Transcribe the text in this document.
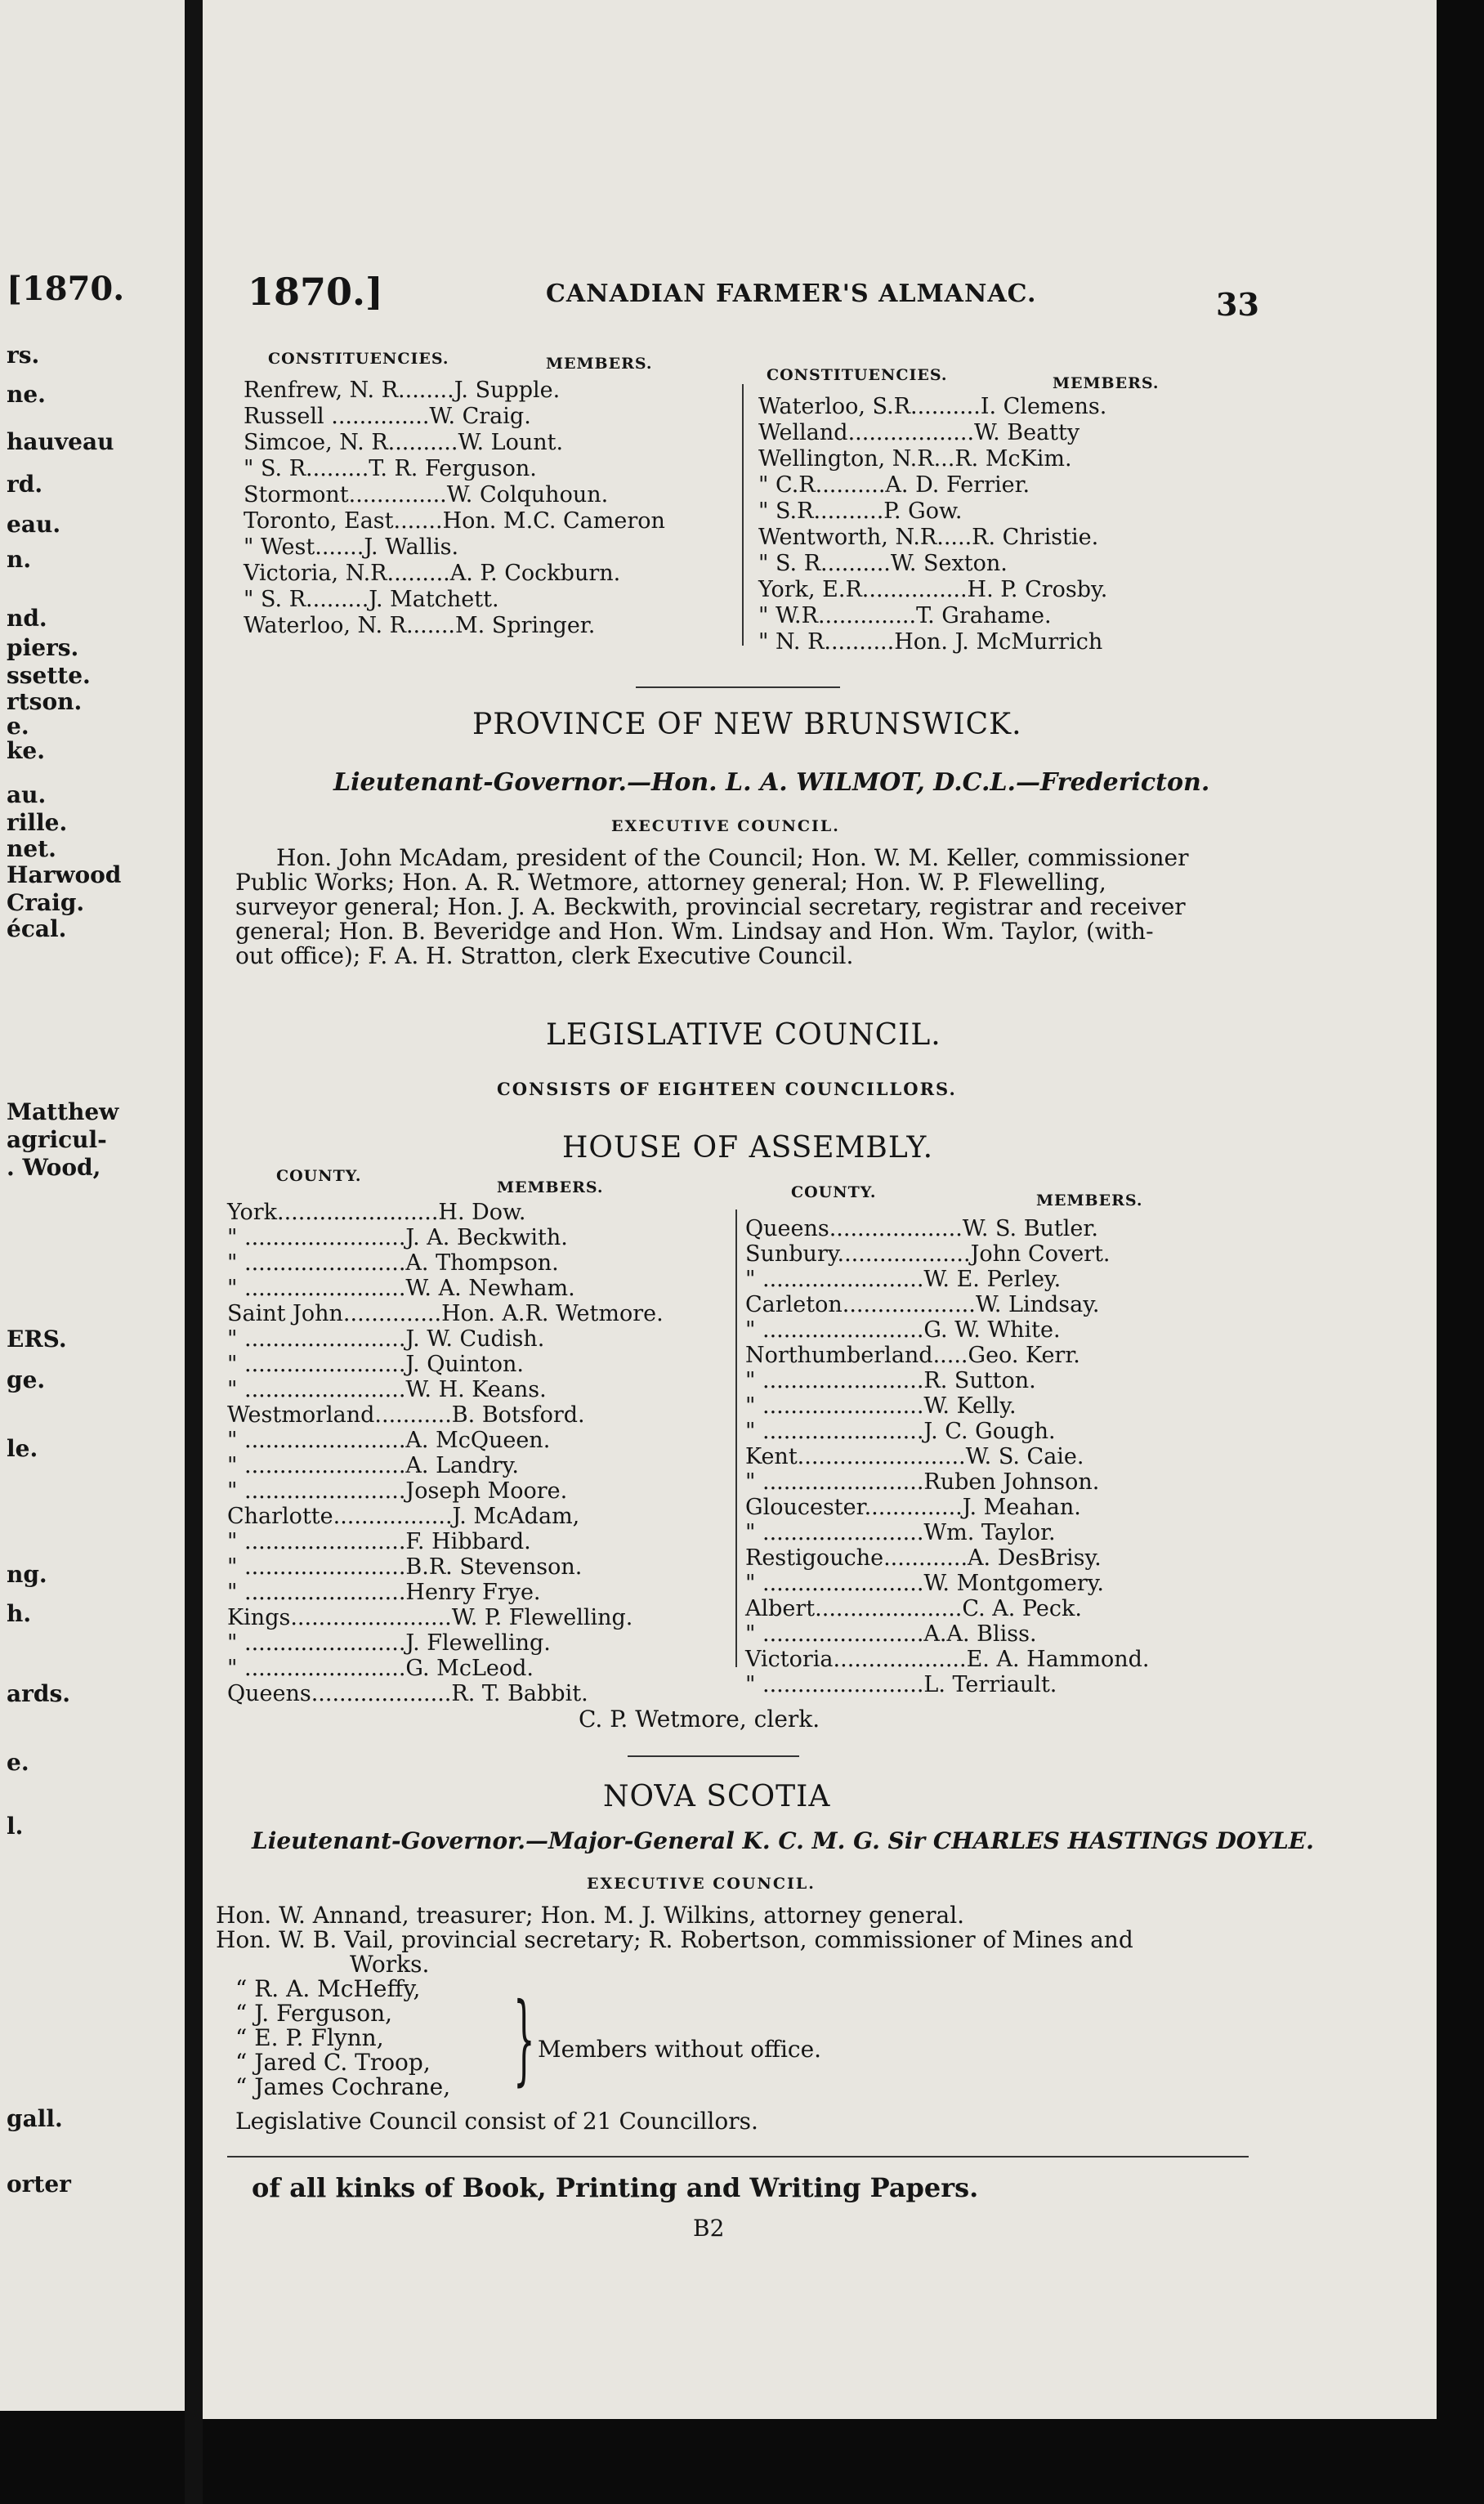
[1870.
rs.
ne.
hauveau
rd.
eau.
n.
nd.
piers.
ssette.
rtson.
e.
ke.
au.
rille.
net.
Harwood
Craig.
écal.
Matthew
agricul-
. Wood,
ERS.
ge.
le.
ng.
h.
ards.
e.
l.
gall.
orter
1870.]	CANADIAN FARMER'S ALMANAC.	33
CONSTITUENCIES.	MEMBERS.
CONSTITUENCIES.	MEMBERS.
Renfrew, N. R........J. Supple.
Russell ..............W. Craig.
Simcoe, N. R..........W. Lount.
" S. R.........T. R. Ferguson.
Stormont..............W. Colquhoun.
Toronto, East.......Hon. M.C. Cameron
" West.......J. Wallis.
Victoria, N.R.........A. P. Cockburn.
" S. R.........J. Matchett.
Waterloo, N. R.......M. Springer.
Waterloo, S.R..........I. Clemens.
Welland..................W. Beatty
Wellington, N.R...R. McKim.
" C.R..........A. D. Ferrier.
" S.R..........P. Gow.
Wentworth, N.R.....R. Christie.
" S. R..........W. Sexton.
York, E.R...............H. P. Crosby.
" W.R..............T. Grahame.
" N. R..........Hon. J. McMurrich
PROVINCE OF NEW BRUNSWICK.
Lieutenant-Governor.—Hon. L. A. WILMOT, D.C.L.—Fredericton.
EXECUTIVE COUNCIL.
Hon. John McAdam, president of the Council; Hon. W. M. Keller, commissioner
Public Works; Hon. A. R. Wetmore, attorney general; Hon. W. P. Flewelling,
surveyor general; Hon. J. A. Beckwith, provincial secretary, registrar and receiver
general; Hon. B. Beveridge and Hon. Wm. Lindsay and Hon. Wm. Taylor, (with-
out office); F. A. H. Stratton, clerk Executive Council.
LEGISLATIVE COUNCIL.
CONSISTS OF EIGHTEEN COUNCILLORS.
HOUSE OF ASSEMBLY.
COUNTY.
MEMBERS.	COUNTY.	MEMBERS.
York.......................H. Dow.
" .......................J. A. Beckwith.
" .......................A. Thompson.
" .......................W. A. Newham.
Saint John..............Hon. A.R. Wetmore.
" .......................J. W. Cudish.
" .......................J. Quinton.
" .......................W. H. Keans.
Westmorland...........B. Botsford.
" .......................A. McQueen.
" .......................A. Landry.
" .......................Joseph Moore.
Charlotte.................J. McAdam,
" .......................F. Hibbard.
" .......................B.R. Stevenson.
" .......................Henry Frye.
Kings.......................W. P. Flewelling.
" .......................J. Flewelling.
" .......................G. McLeod.
Queens....................R. T. Babbit.
Queens...................W. S. Butler.
Sunbury...................John Covert.
" .......................W. E. Perley.
Carleton...................W. Lindsay.
" .......................G. W. White.
Northumberland.....Geo. Kerr.
" .......................R. Sutton.
" .......................W. Kelly.
" .......................J. C. Gough.
Kent........................W. S. Caie.
" .......................Ruben Johnson.
Gloucester..............J. Meahan.
" .......................Wm. Taylor.
Restigouche............A. DesBrisy.
" .......................W. Montgomery.
Albert.....................C. A. Peck.
" .......................A.A. Bliss.
Victoria...................E. A. Hammond.
" .......................L. Terriault.
C. P. Wetmore, clerk.
NOVA SCOTIA
Lieutenant-Governor.—Major-General K. C. M. G. Sir CHARLES HASTINGS DOYLE.
EXECUTIVE COUNCIL.
Hon. W. Annand, treasurer; Hon. M. J. Wilkins, attorney general.
Hon. W. B. Vail, provincial secretary; R. Robertson, commissioner of Mines and
Works.
“ R. A. McHeffy,
“ J. Ferguson,
“ E. P. Flynn,
“ Jared C. Troop,
“ James Cochrane, } Members without office.
Legislative Council consist of 21 Councillors.
of all kinks of Book, Printing and Writing Papers.
B2
